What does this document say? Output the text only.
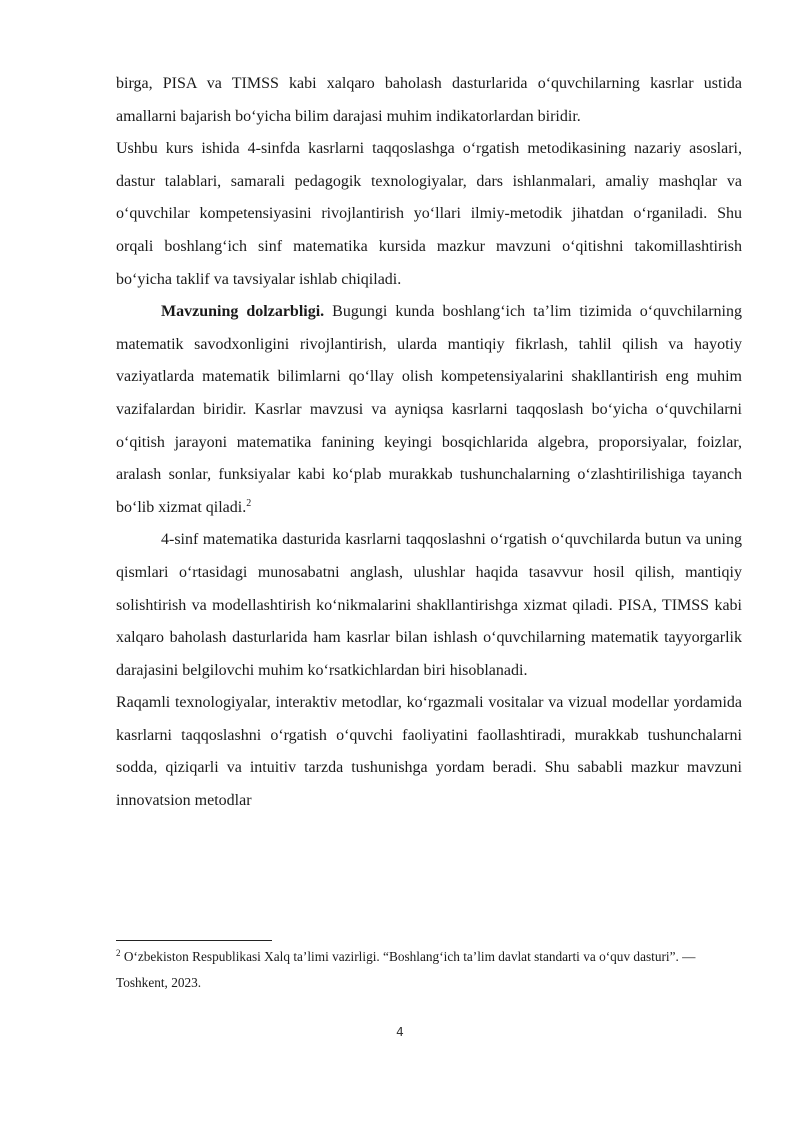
birga, PISA va TIMSS kabi xalqaro baholash dasturlarida o‘quvchilarning kasrlar ustida amallarni bajarish bo‘yicha bilim darajasi muhim indikatorlardan biridir.

Ushbu kurs ishida 4-sinfda kasrlarni taqqoslashga o‘rgatish metodikasining nazariy asoslari, dastur talablari, samarali pedagogik texnologiyalar, dars ishlanmalari, amaliy mashqlar va o‘quvchilar kompetensiyasini rivojlantirish yo‘llari ilmiy-metodik jihatdan o‘rganiladi. Shu orqali boshlang‘ich sinf matematika kursida mazkur mavzuni o‘qitishni takomillashtirish bo‘yicha taklif va tavsiyalar ishlab chiqiladi.

Mavzuning dolzarbligi. Bugungi kunda boshlang‘ich ta’lim tizimida o‘quvchilarning matematik savodxonligini rivojlantirish, ularda mantiqiy fikrlash, tahlil qilish va hayotiy vaziyatlarda matematik bilimlarni qo‘llay olish kompetensiyalarini shakllantirish eng muhim vazifalardan biridir. Kasrlar mavzusi va ayniqsa kasrlarni taqqoslash bo‘yicha o‘quvchilarni o‘qitish jarayoni matematika fanining keyingi bosqichlarida algebra, proporsiyalar, foizlar, aralash sonlar, funksiyalar kabi ko‘plab murakkab tushunchalarning o‘zlashtirilishiga tayanch bo‘lib xizmat qiladi.$^2$

4-sinf matematika dasturida kasrlarni taqqoslashni o‘rgatish o‘quvchilarda butun va uning qismlari o‘rtasidagi munosabatni anglash, ulushlar haqida tasavvur hosil qilish, mantiqiy solishtirish va modellashtirish ko‘nikmalarini shakllantirishga xizmat qiladi. PISA, TIMSS kabi xalqaro baholash dasturlarida ham kasrlar bilan ishlash o‘quvchilarning matematik tayyorgarlik darajasini belgilovchi muhim ko‘rsatkichlardan biri hisoblanadi.

Raqamli texnologiyalar, interaktiv metodlar, ko‘rgazmali vositalar va vizual modellar yordamida kasrlarni taqqoslashni o‘rgatish o‘quvchi faoliyatini faollashtiradi, murakkab tushunchalarni sodda, qiziqarli va intuitiv tarzda tushunishga yordam beradi. Shu sababli mazkur mavzuni innovatsion metodlar

$^2$ O‘zbekiston Respublikasi Xalq ta’limi vazirligi. “Boshlang‘ich ta’lim davlat standarti va o‘quv dasturi”. — Toshkent, 2023.
4
